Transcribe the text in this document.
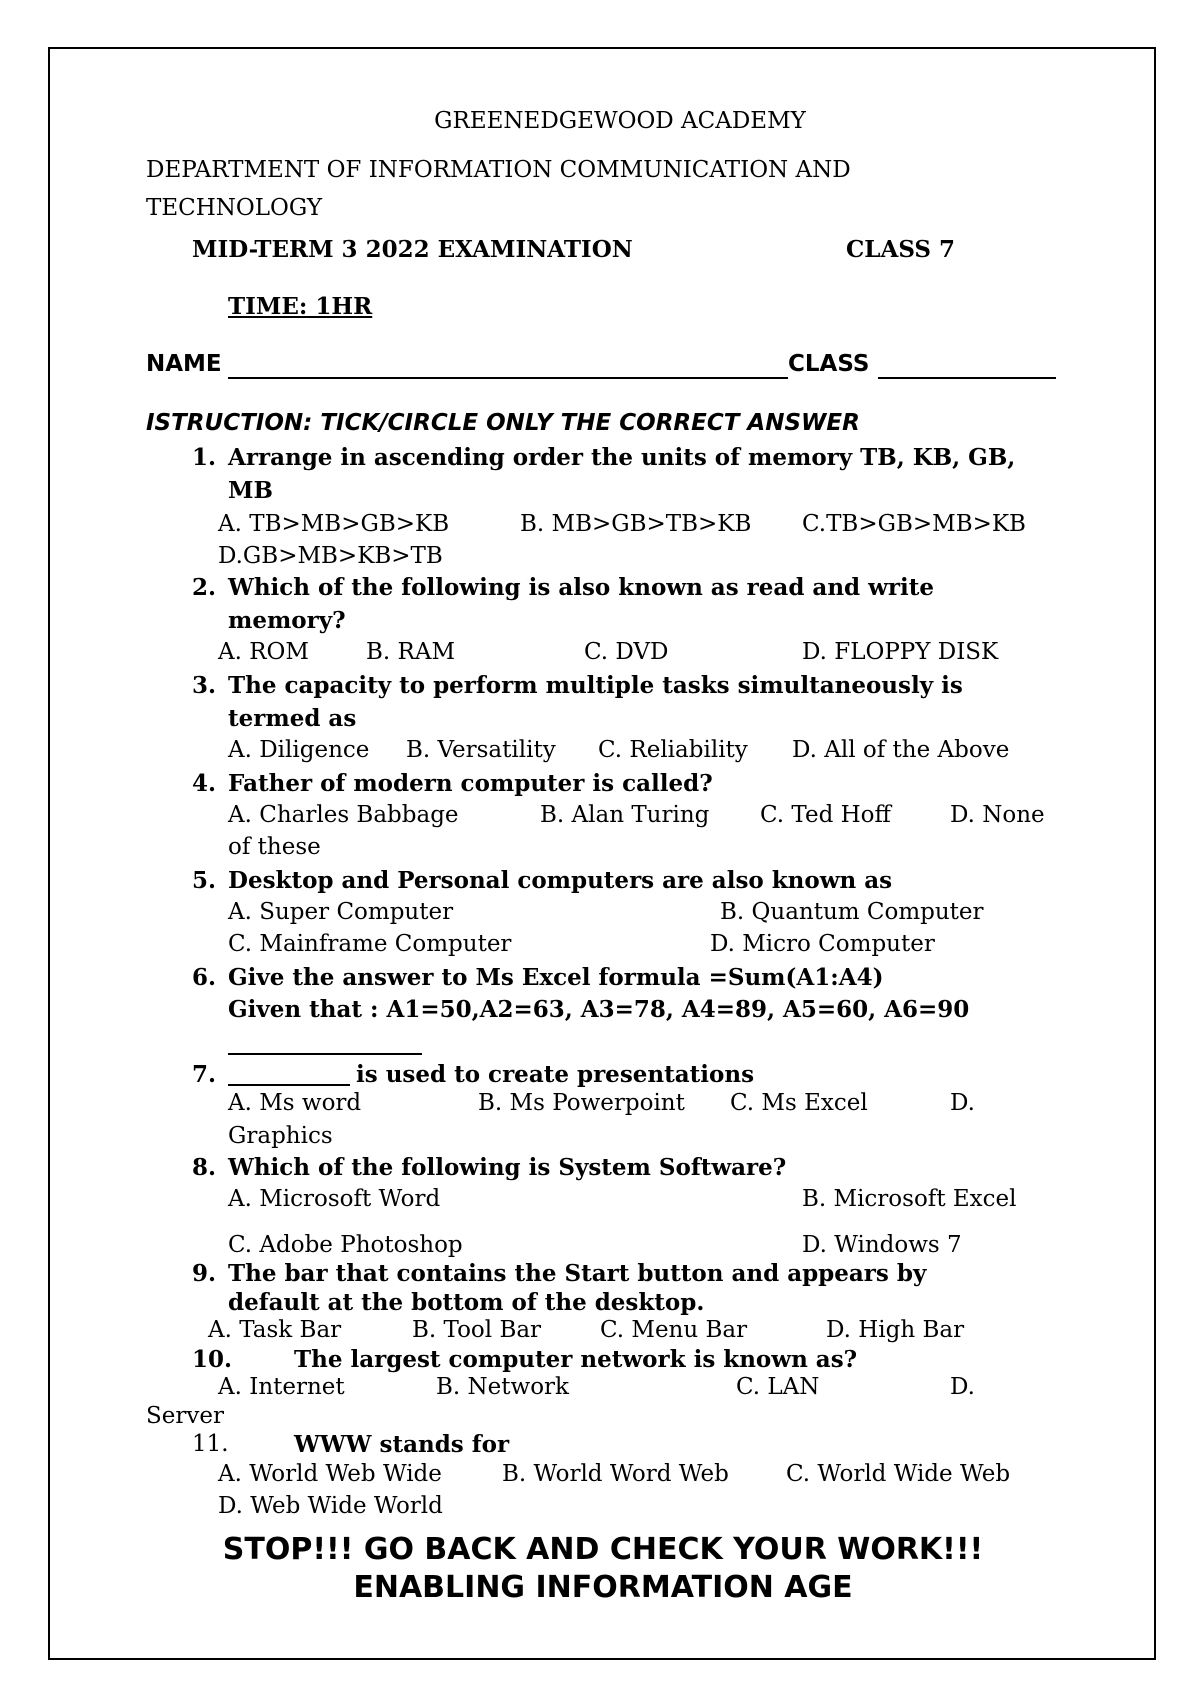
GREENEDGEWOOD ACADEMY
DEPARTMENT OF INFORMATION COMMUNICATION AND
TECHNOLOGY
MID-TERM 3 2022 EXAMINATION	CLASS 7
TIME: 1HR
NAME	CLASS
ISTRUCTION: TICK/CIRCLE ONLY THE CORRECT ANSWER
1. Arrange in ascending order the units of memory TB, KB, GB,
MB
A. TB>MB>GB>KB	B. MB>GB>TB>KB C.TB>GB>MB>KB
D.GB>MB>KB>TB
2. Which of the following is also known as read and write
memory?
A. ROM B. RAM	C. DVD	D. FLOPPY DISK
3. The capacity to perform multiple tasks simultaneously is
termed as
A. Diligence B. Versatility C. Reliability D. All of the Above
4. Father of modern computer is called?
A. Charles Babbage	B. Alan Turing C. Ted Hoff	D. None
of these
5. Desktop and Personal computers are also known as
A. Super Computer	B. Quantum Computer
C. Mainframe Computer	D. Micro Computer
6. Give the answer to Ms Excel formula =Sum(A1:A4)
Given that : A1=50,A2=63, A3=78, A4=89, A5=60, A6=90
7.	is used to create presentations
A. Ms word	B. Ms Powerpoint C. Ms Excel	D.
Graphics
8. Which of the following is System Software?
A. Microsoft Word	B. Microsoft Excel
C. Adobe Photoshop	D. Windows 7
9. The bar that contains the Start button and appears by
default at the bottom of the desktop.
A. Task Bar	B. Tool Bar	C. Menu Bar	D. High Bar
10.	The largest computer network is known as?
A. Internet	B. Network	C. LAN	D.
Server
11.	WWW stands for
A. World Web Wide	B. World Word Web C. World Wide Web
D. Web Wide World
STOP!!! GO BACK AND CHECK YOUR WORK!!!
ENABLING INFORMATION AGE
